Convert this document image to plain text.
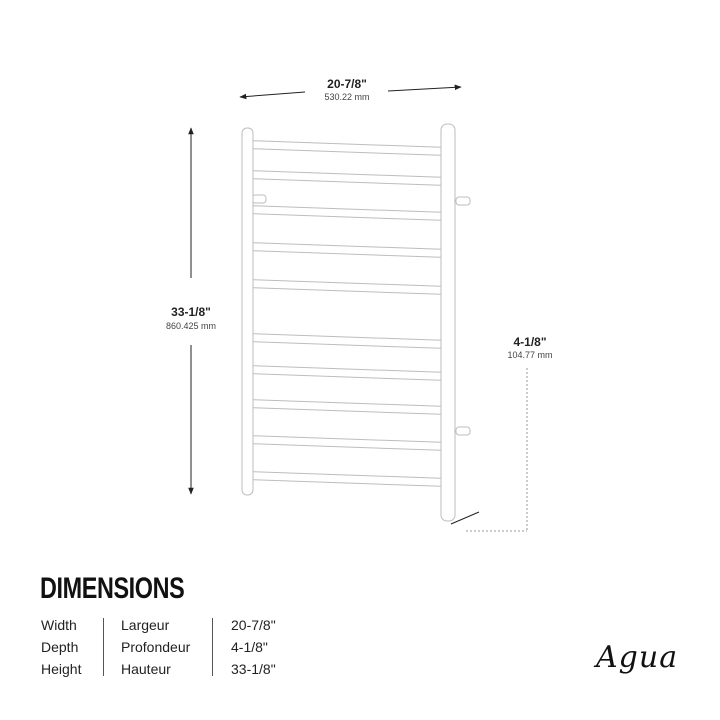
20-7/8"
530.22 mm
33-1/8"
860.425 mm
4-1/8"
104.77 mm
DIMENSIONS
Width		Largeur		20-7/8"
Depth		Profondeur		4-1/8"
Height		Hauteur		33-1/8"	Agua
